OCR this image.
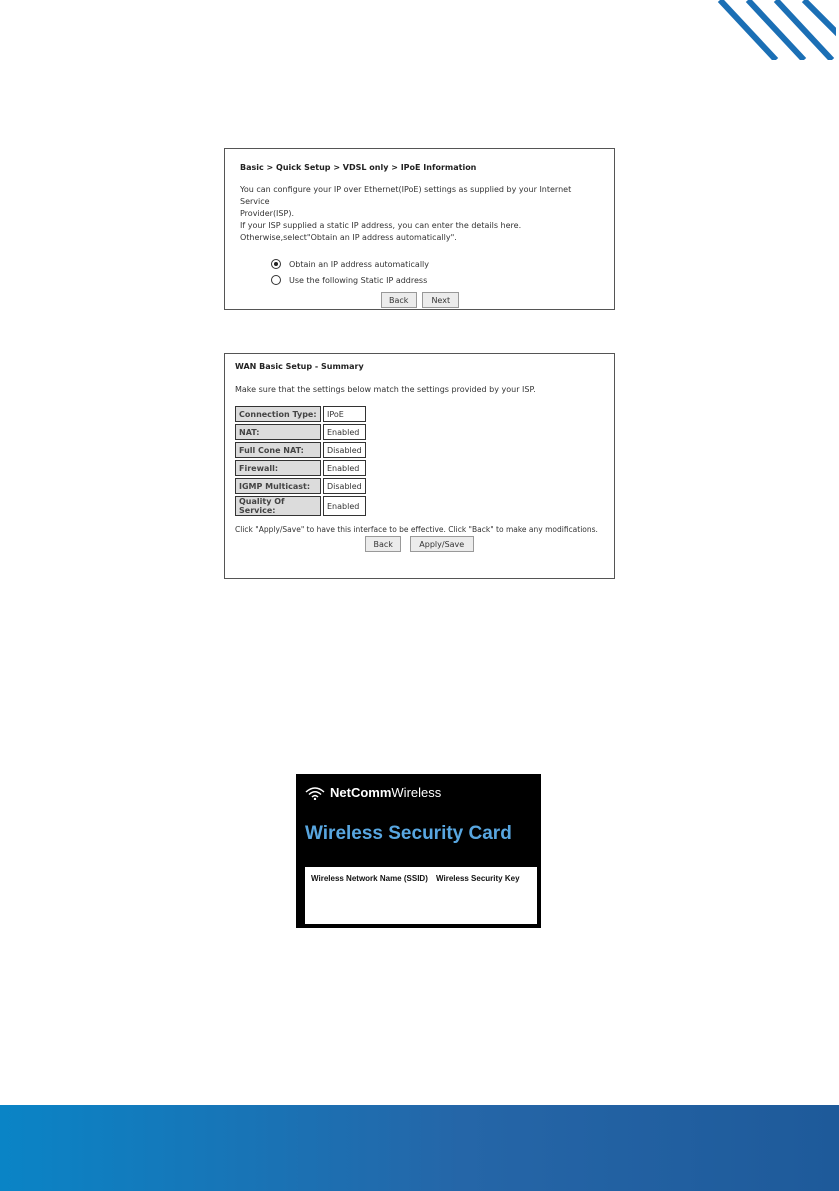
Basic > Quick Setup > VDSL only > IPoE Information
You can configure your IP over Ethernet(IPoE) settings as supplied by your Internet Service
Provider(ISP).
If your ISP supplied a static IP address, you can enter the details here.
Otherwise,select"Obtain an IP address automatically".
Obtain an IP address automatically
Use the following Static IP address
Back	Next
WAN Basic Setup - Summary
Make sure that the settings below match the settings provided by your ISP.
Connection Type:	IPoE
NAT:	Enabled
Full Cone NAT:	Disabled
Firewall:	Enabled
IGMP Multicast:	Disabled
Quality Of Service:	Enabled
Click "Apply/Save" to have this interface to be effective. Click "Back" to make any modifications.
Back	Apply/Save
NetCommWireless
Wireless Security Card
Wireless Network Name (SSID) Wireless Security Key
